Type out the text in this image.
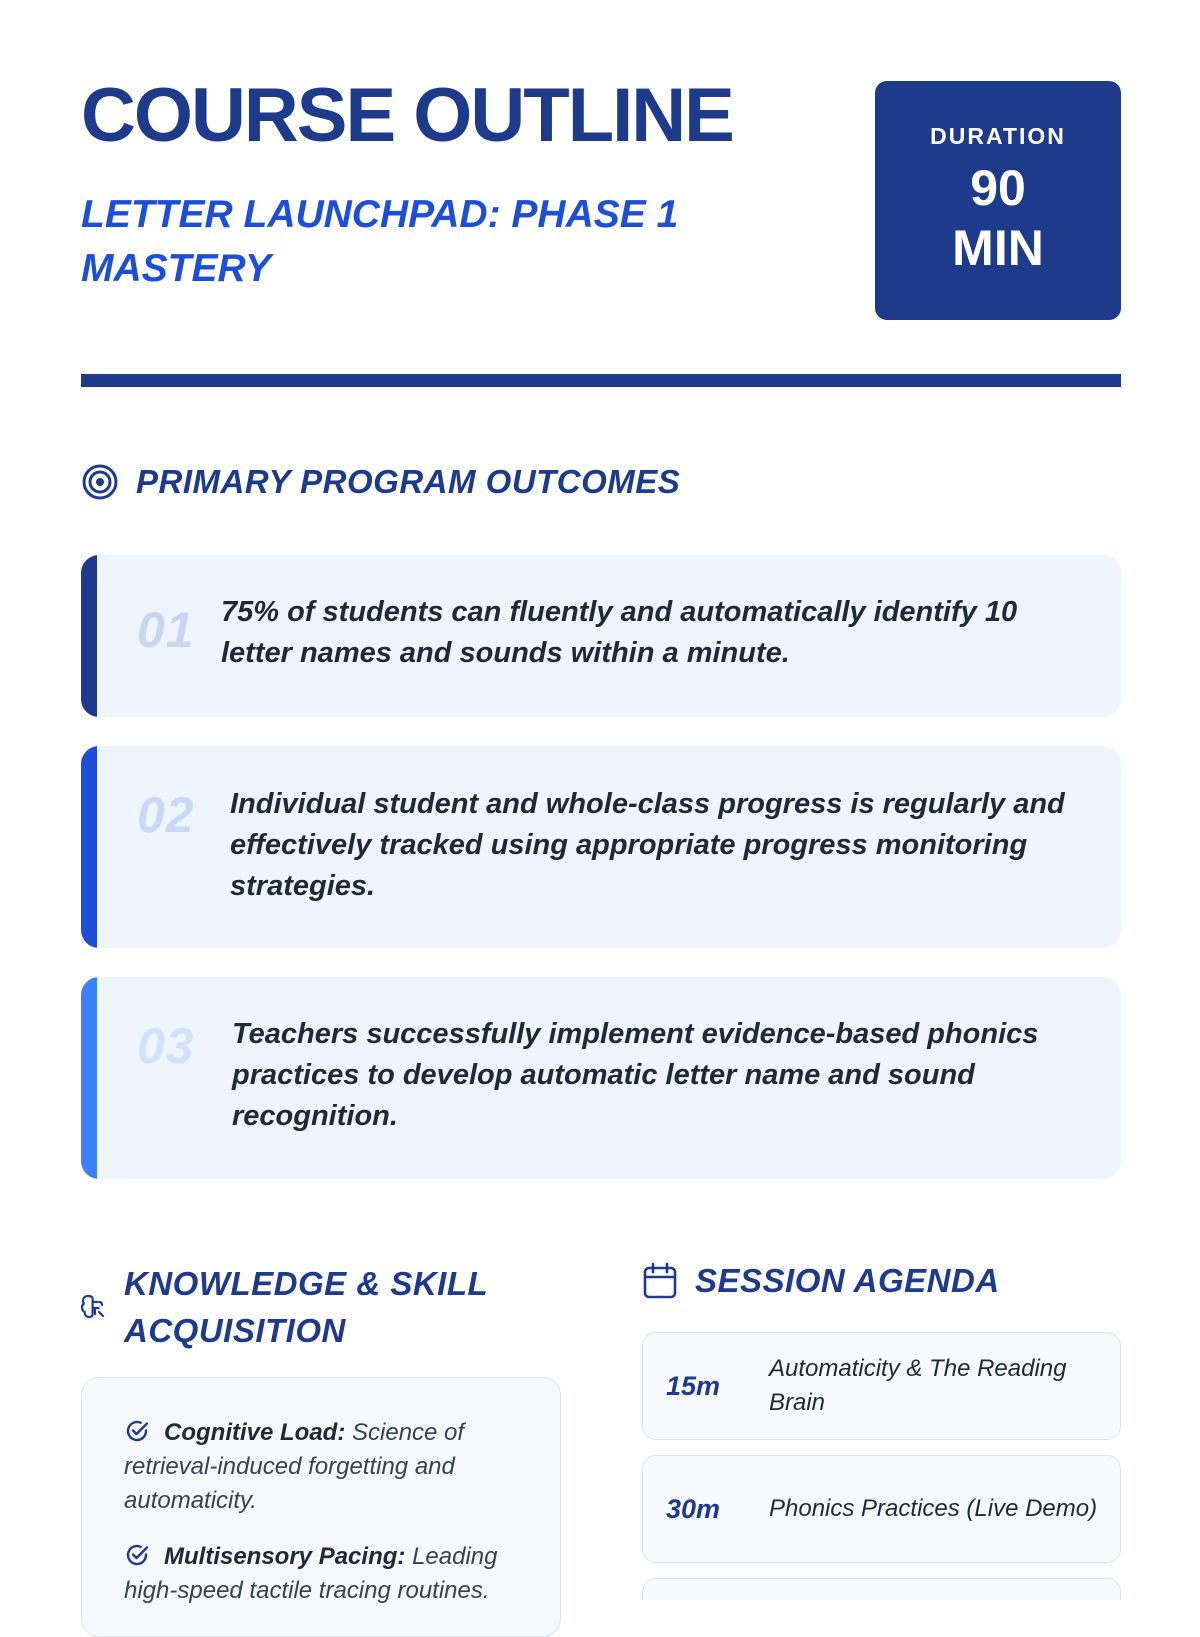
COURSE OUTLINE

LETTER LAUNCHPAD: PHASE 1 MASTERY

DURATION
90 MIN
PRIMARY PROGRAM OUTCOMES
01 75% of students can fluently and automatically identify 10 letter names and sounds within a minute.
02 Individual student and whole-class progress is regularly and effectively tracked using appropriate progress monitoring strategies.
03 Teachers successfully implement evidence-based phonics practices to develop automatic letter name and sound recognition.
KNOWLEDGE & SKILL ACQUISITION
Cognitive Load: Science of retrieval-induced forgetting and automaticity.
Multisensory Pacing: Leading high-speed tactile tracing routines.
SESSION AGENDA
15m
Automaticity & The Reading Brain
30m Phonics Practices (Live Demo)
